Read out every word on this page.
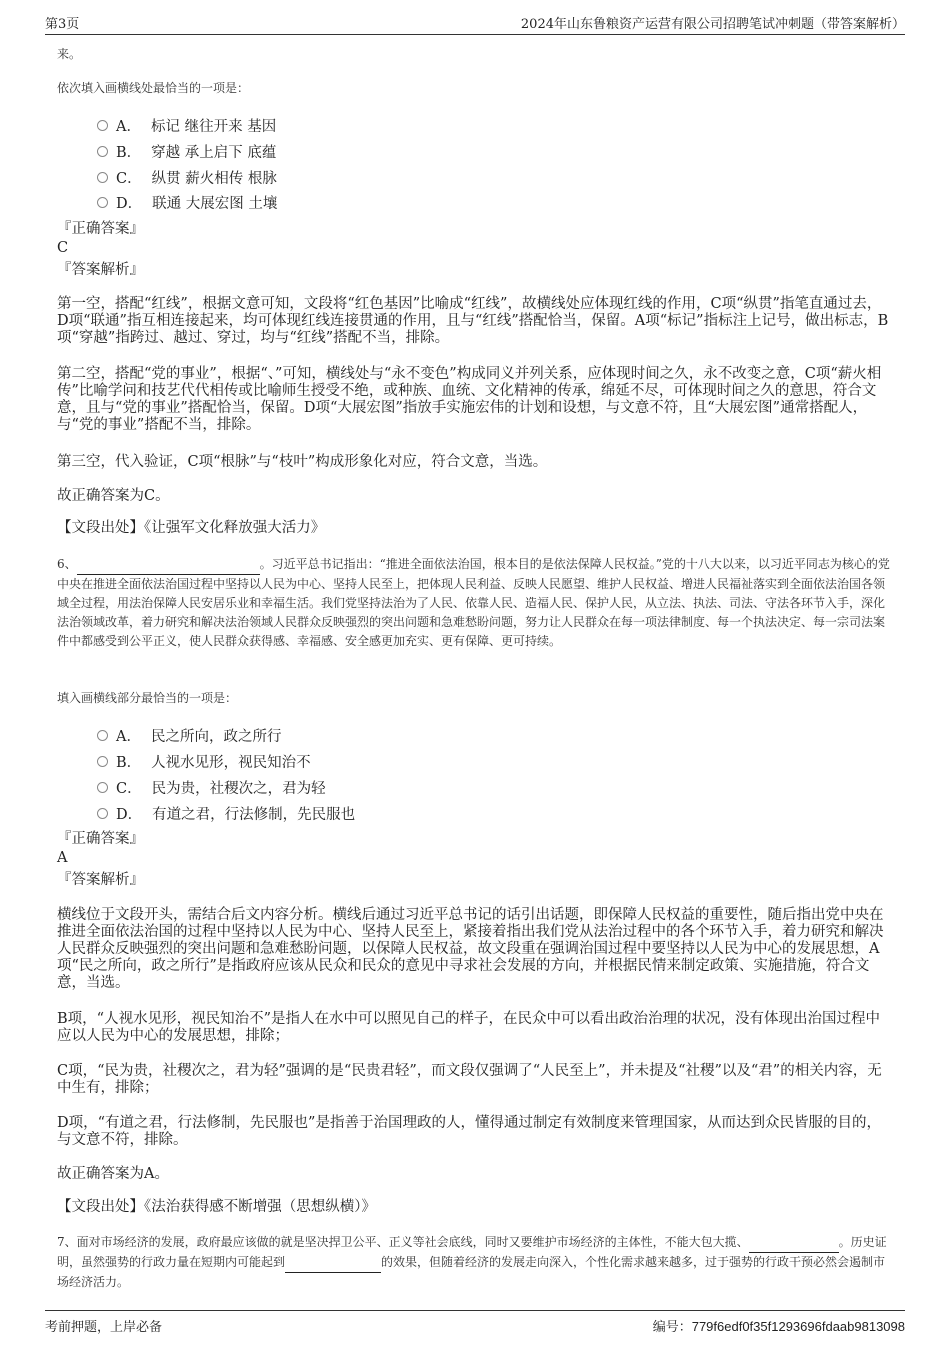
第3页	2024年山东鲁粮资产运营有限公司招聘笔试冲刺题（带答案解析）
来。
依次填入画横线处最恰当的一项是：
A． 标记 继往开来 基因
B． 穿越 承上启下 底蕴
C． 纵贯 薪火相传 根脉
D． 联通 大展宏图 土壤
『正确答案』
C
『答案解析』
第一空，搭配“红线”，根据文意可知，文段将“红色基因”比喻成“红线”，故横线处应体现红线的作用，C项“纵贯”指笔直通过去，D项“联通”指互相连接起来，均可体现红线连接贯通的作用，且与“红线”搭配恰当，保留。A项“标记”指标注上记号，做出标志，B项“穿越”指跨过、越过、穿过，均与“红线”搭配不当，排除。
第二空，搭配“党的事业”，根据“、”可知，横线处与“永不变色”构成同义并列关系，应体现时间之久，永不改变之意，C项“薪火相传”比喻学问和技艺代代相传或比喻师生授受不绝，或种族、血统、文化精神的传承，绵延不尽，可体现时间之久的意思，符合文意，且与“党的事业”搭配恰当，保留。D项“大展宏图”指放手实施宏伟的计划和设想，与文意不符，且“大展宏图”通常搭配人，与“党的事业”搭配不当，排除。
第三空，代入验证，C项“根脉”与“枝叶”构成形象化对应，符合文意，当选。
故正确答案为C。
【文段出处】《让强军文化释放强大活力》
6、	。习近平总书记指出：“推进全面依法治国，根本目的是依法保障人民权益。”党的十八大以来，以习近平同志为核心的党中央在推进全面依法治国过程中坚持以人民为中心、坚持人民至上，把体现人民利益、反映人民愿望、维护人民权益、增进人民福祉落实到全面依法治国各领域全过程，用法治保障人民安居乐业和幸福生活。我们党坚持法治为了人民、依靠人民、造福人民、保护人民，从立法、执法、司法、守法各环节入手，深化法治领域改革，着力研究和解决法治领域人民群众反映强烈的突出问题和急难愁盼问题，努力让人民群众在每一项法律制度、每一个执法决定、每一宗司法案件中都感受到公平正义，使人民群众获得感、幸福感、安全感更加充实、更有保障、更可持续。
填入画横线部分最恰当的一项是：
A． 民之所向，政之所行
B． 人视水见形，视民知治不
C． 民为贵，社稷次之，君为轻
D． 有道之君，行法修制，先民服也
『正确答案』
A
『答案解析』
横线位于文段开头，需结合后文内容分析。横线后通过习近平总书记的话引出话题，即保障人民权益的重要性，随后指出党中央在推进全面依法治国的过程中坚持以人民为中心、坚持人民至上，紧接着指出我们党从法治过程中的各个环节入手，着力研究和解决人民群众反映强烈的突出问题和急难愁盼问题，以保障人民权益，故文段重在强调治国过程中要坚持以人民为中心的发展思想，A项“民之所向，政之所行”是指政府应该从民众和民众的意见中寻求社会发展的方向，并根据民情来制定政策、实施措施，符合文意，当选。
B项，“人视水见形，视民知治不”是指人在水中可以照见自己的样子，在民众中可以看出政治治理的状况，没有体现出治国过程中应以人民为中心的发展思想，排除；
C项，“民为贵，社稷次之，君为轻”强调的是“民贵君轻”，而文段仅强调了“人民至上”，并未提及“社稷”以及“君”的相关内容，无中生有，排除；
D项，“有道之君，行法修制，先民服也”是指善于治国理政的人，懂得通过制定有效制度来管理国家，从而达到众民皆服的目的，与文意不符，排除。
故正确答案为A。
【文段出处】《法治获得感不断增强（思想纵横）》
7、面对市场经济的发展，政府最应该做的就是坚决捍卫公平、正义等社会底线，同时又要维护市场经济的主体性，不能大包大揽、	。历史证明，虽然强势的行政力量在短期内可能起到	的效果，但随着经济的发展走向深入，个性化需求越来越多，过于强势的行政干预必然会遏制市场经济活力。
考前押题，上岸必备	编号：779f6edf0f35f1293696fdaab9813098
